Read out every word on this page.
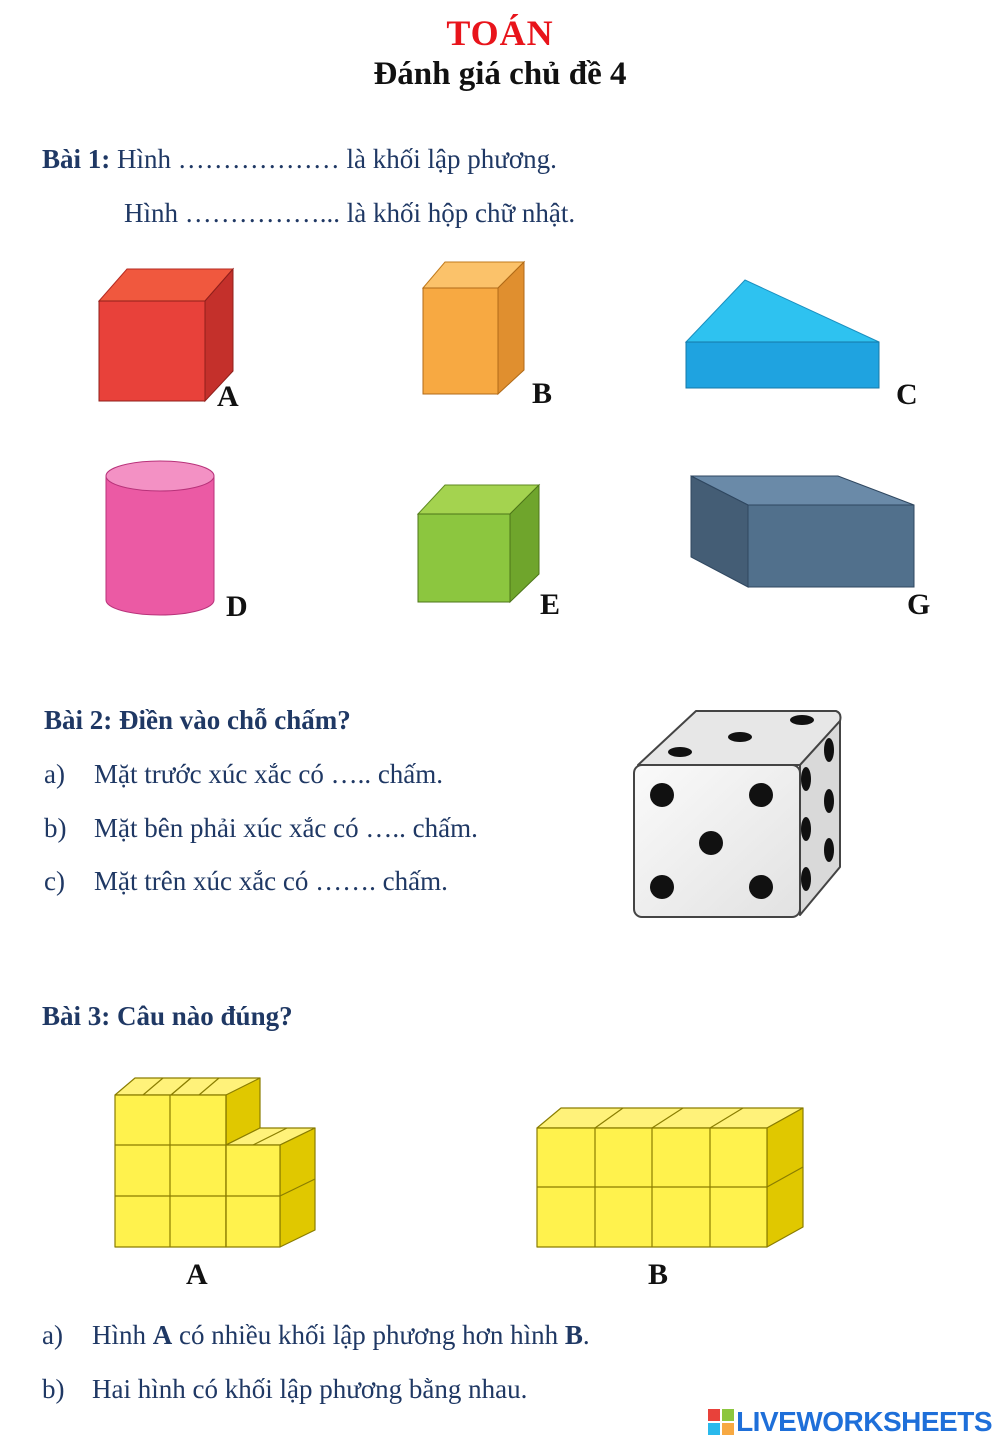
TOÁN
Đánh giá chủ đề 4
Bài 1: Hình ……………… là khối lập phương.
Hình ……………... là khối hộp chữ nhật.
A	B	C
D	E	G
Bài 2: Điền vào chỗ chấm?
a) Mặt trước xúc xắc có ….. chấm.
b) Mặt bên phải xúc xắc có ….. chấm.
c) Mặt trên xúc xắc có ……. chấm.
Bài 3: Câu nào đúng?
A	B
a) Hình A có nhiều khối lập phương hơn hình B.
b) Hai hình có khối lập phương bằng nhau.
LIVEWORKSHEETS
